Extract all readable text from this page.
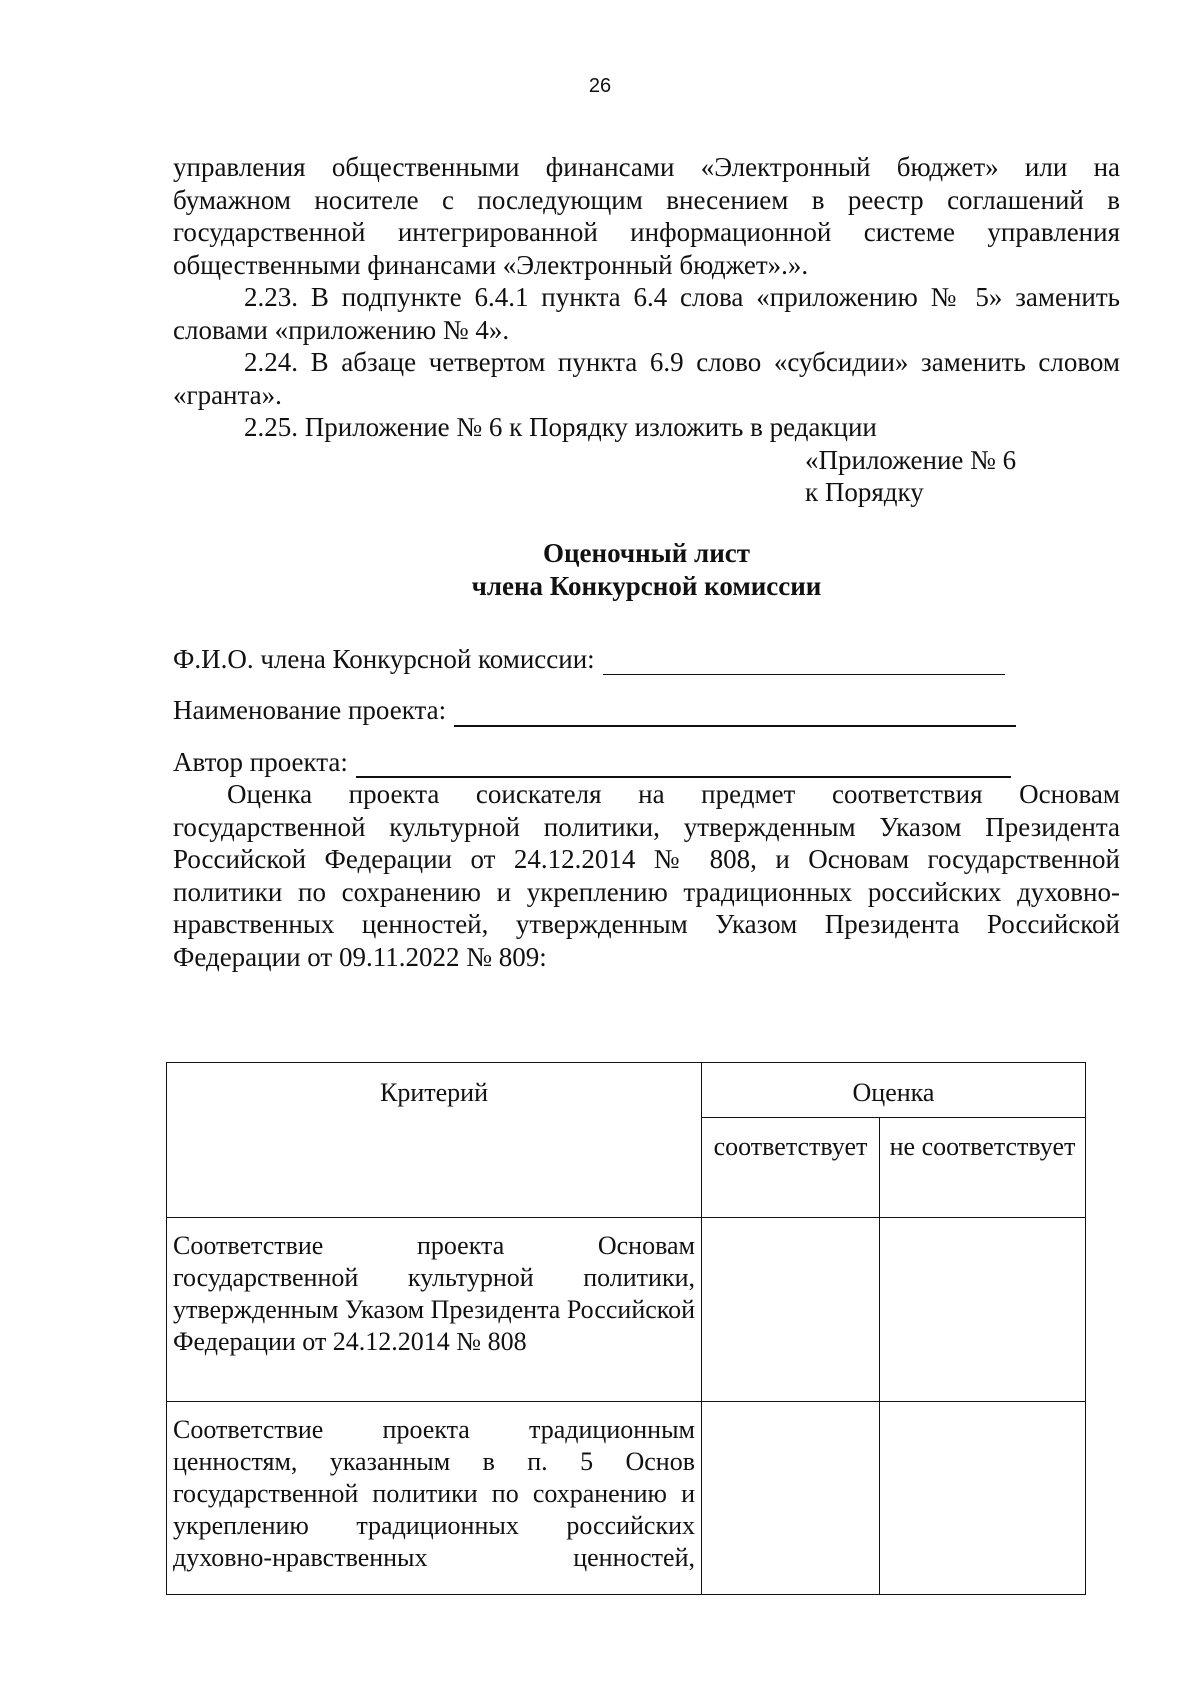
26

управления общественными финансами «Электронный бюджет» или на бумажном носителе с последующим внесением в реестр соглашений в государственной интегрированной информационной системе управления общественными финансами «Электронный бюджет».».

2.23. В подпункте 6.4.1 пункта 6.4 слова «приложению № 5» заменить словами «приложению № 4».

2.24. В абзаце четвертом пункта 6.9 слово «субсидии» заменить словом «гранта».

2.25. Приложение № 6 к Порядку изложить в редакции

«Приложение № 6
к Порядку
Оценочный лист
члена Конкурсной комиссии
Ф.И.О. члена Конкурсной комиссии:
Наименование проекта:
Автор проекта:

Оценка проекта соискателя на предмет соответствия Основам государственной культурной политики, утвержденным Указом Президента Российской Федерации от 24.12.2014 № 808, и Основам государственной политики по сохранению и укреплению традиционных российских духовно-нравственных ценностей, утвержденным Указом Президента Российской Федерации от 09.11.2022 № 809:

Критерий	Оценка	
	соответствует	не соответствует
Соответствие проекта Основам государственной культурной политики, утвержденным Указом Президента Российской Федерации от 24.12.2014 № 808		
Соответствие проекта традиционным ценностям, указанным в п. 5 Основ государственной политики по сохранению и укреплению традиционных российских духовно-нравственных ценностей,		
